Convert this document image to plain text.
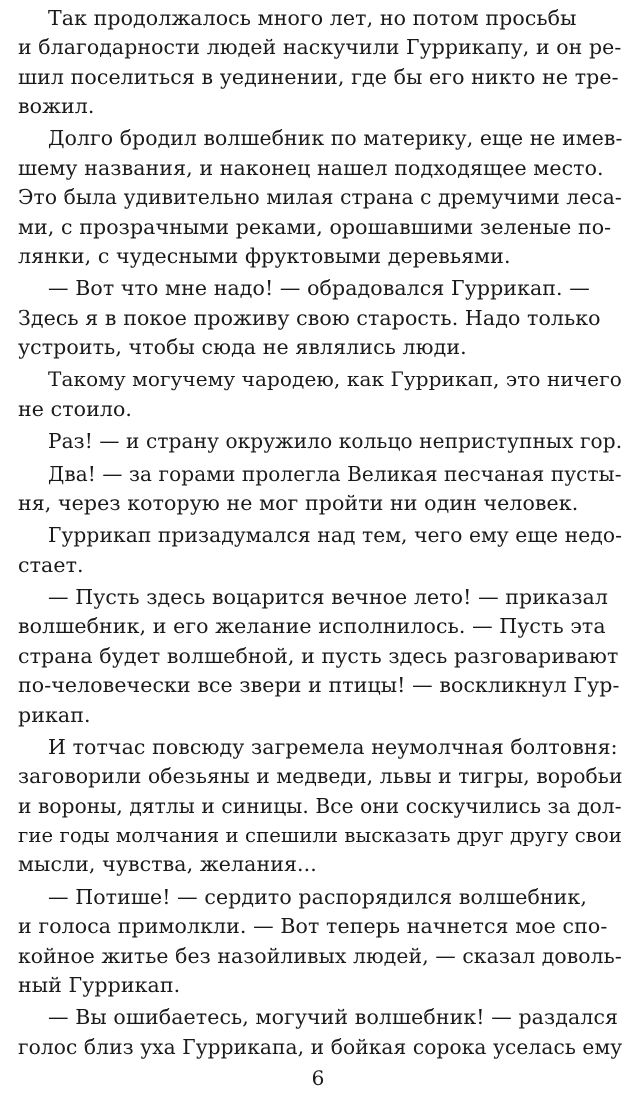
Так продолжалось много лет, но потом просьбы
и благодарности людей наскучили Гуррикапу, и он ре-
шил поселиться в уединении, где бы его никто не тре-
вожил.
Долго бродил волшебник по материку, еще не имев-
шему названия, и наконец нашел подходящее место.
Это была удивительно милая страна с дремучими леса-
ми, с прозрачными реками, орошавшими зеленые по-
лянки, с чудесными фруктовыми деревьями.
— Вот что мне надо! — обрадовался Гуррикап. —
Здесь я в покое проживу свою старость. Надо только
устроить, чтобы сюда не являлись люди.
Такому могучему чародею, как Гуррикап, это ничего
не стоило.
Раз! — и страну окружило кольцо неприступных гор.
Два! — за горами пролегла Великая песчаная пусты-
ня, через которую не мог пройти ни один человек.
Гуррикап призадумался над тем, чего ему еще недо-
стает.
— Пусть здесь воцарится вечное лето! — приказал
волшебник, и его желание исполнилось. — Пусть эта
страна будет волшебной, и пусть здесь разговаривают
по-человечески все звери и птицы! — воскликнул Гур-
рикап.
И тотчас повсюду загремела неумолчная болтовня:
заговорили обезьяны и медведи, львы и тигры, воробьи
и вороны, дятлы и синицы. Все они соскучились за дол-
гие годы молчания и спешили высказать друг другу свои
мысли, чувства, желания...
— Потише! — сердито распорядился волшебник,
и голоса примолкли. — Вот теперь начнется мое спо-
койное житье без назойливых людей, — сказал доволь-
ный Гуррикап.
— Вы ошибаетесь, могучий волшебник! — раздался
голос близ уха Гуррикапа, и бойкая сорока уселась ему
6
